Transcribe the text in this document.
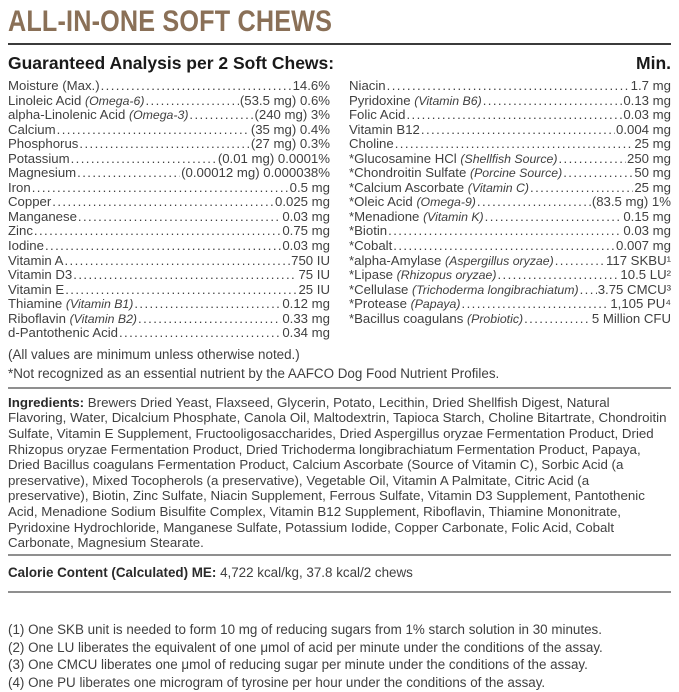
ALL-IN-ONE SOFT CHEWS
Guaranteed Analysis per 2 Soft Chews:	Min.
Moisture (Max.) .....	14.6%
Linoleic Acid (Omega-6) .....	(53.5 mg) 0.6%
alpha-Linolenic Acid (Omega-3) .....	(240 mg) 3%
Calcium .....	(35 mg) 0.4%
Phosphorus .....	(27 mg) 0.3%
Potassium .....	(0.01 mg) 0.0001%
Magnesium .....	(0.00012 mg) 0.000038%
Iron .....	0.5 mg
Copper .....	0.025 mg
Manganese .....	0.03 mg
Zinc .....	0.75 mg
Iodine .....	0.03 mg
Vitamin A .....	750 IU
Vitamin D3 .....	75 IU
Vitamin E .....	25 IU
Thiamine (Vitamin B1) .....	0.12 mg
Riboflavin (Vitamin B2) .....	0.33 mg
d-Pantothenic Acid .....	0.34 mg
Niacin .....	1.7 mg
Pyridoxine (Vitamin B6) .....	0.13 mg
Folic Acid .....	0.03 mg
Vitamin B12 .....	0.004 mg
Choline .....	25 mg
*Glucosamine HCl (Shellfish Source) .....	250 mg
*Chondroitin Sulfate (Porcine Source) .....	50 mg
*Calcium Ascorbate (Vitamin C) .....	25 mg
*Oleic Acid (Omega-9) .....	(83.5 mg) 1%
*Menadione (Vitamin K) .....	0.15 mg
*Biotin .....	0.03 mg
*Cobalt .....	0.007 mg
*alpha-Amylase (Aspergillus oryzae) .....	117 SKBU¹
*Lipase (Rhizopus oryzae) .....	10.5 LU²
*Cellulase (Trichoderma longibrachiatum) ..... 3.75 CMCU³
*Protease (Papaya) .....	1,105 PU⁴
*Bacillus coagulans (Probiotic) .....	5 Million CFU
(All values are minimum unless otherwise noted.)
*Not recognized as an essential nutrient by the AAFCO Dog Food Nutrient Profiles.

Ingredients: Brewers Dried Yeast, Flaxseed, Glycerin, Potato, Lecithin, Dried Shellfish Digest, Natural Flavoring, Water, Dicalcium Phosphate, Canola Oil, Maltodextrin, Tapioca Starch, Choline Bitartrate, Chondroitin Sulfate, Vitamin E Supplement, Fructooligosaccharides, Dried Aspergillus oryzae Fermentation Product, Dried Rhizopus oryzae Fermentation Product, Dried Trichoderma longibrachiatum Fermentation Product, Papaya, Dried Bacillus coagulans Fermentation Product, Calcium Ascorbate (Source of Vitamin C), Sorbic Acid (a preservative), Mixed Tocopherols (a preservative), Vegetable Oil, Vitamin A Palmitate, Citric Acid (a preservative), Biotin, Zinc Sulfate, Niacin Supplement, Ferrous Sulfate, Vitamin D3 Supplement, Pantothenic Acid, Menadione Sodium Bisulfite Complex, Vitamin B12 Supplement, Riboflavin, Thiamine Mononitrate, Pyridoxine Hydrochloride, Manganese Sulfate, Potassium Iodide, Copper Carbonate, Folic Acid, Cobalt Carbonate, Magnesium Stearate.

Calorie Content (Calculated) ME: 4,722 kcal/kg, 37.8 kcal/2 chews

(1) One SKB unit is needed to form 10 mg of reducing sugars from 1% starch solution in 30 minutes.
(2) One LU liberates the equivalent of one μmol of acid per minute under the conditions of the assay.
(3) One CMCU liberates one μmol of reducing sugar per minute under the conditions of the assay.
(4) One PU liberates one microgram of tyrosine per hour under the conditions of the assay.
